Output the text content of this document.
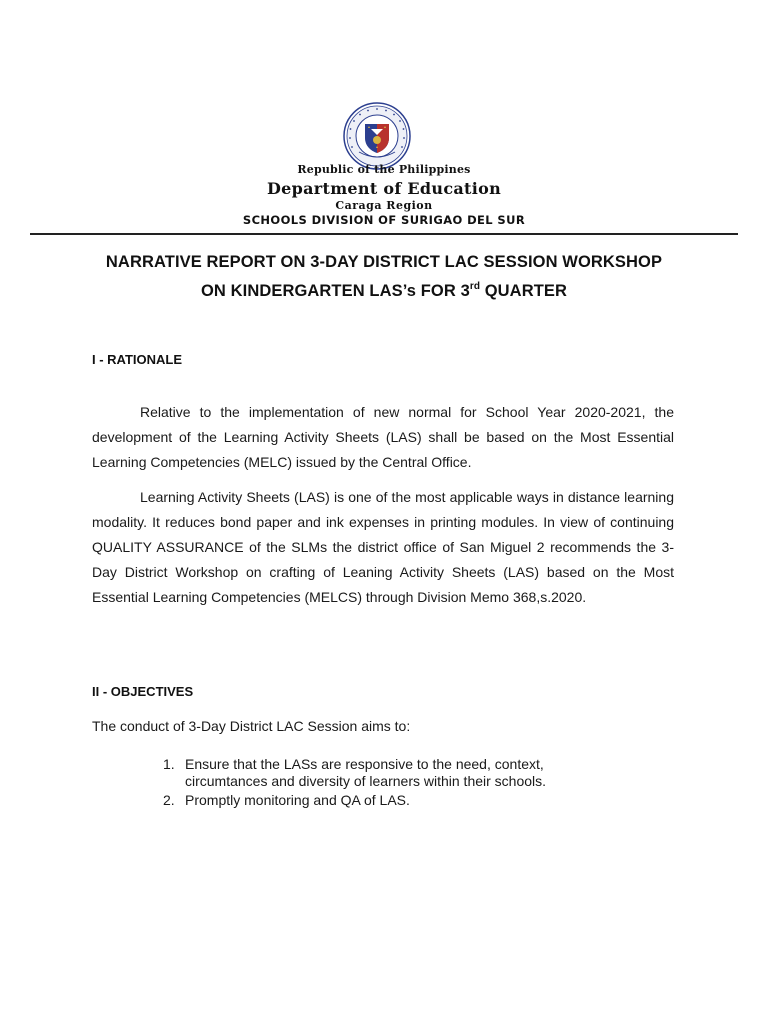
Republic of the Philippines

Department of Education

Caraga Region

SCHOOLS DIVISION OF SURIGAO DEL SUR

NARRATIVE REPORT ON 3-DAY DISTRICT LAC SESSION WORKSHOP
ON KINDERGARTEN LAS’s FOR 3rd QUARTER
I - RATIONALE

Relative to the implementation of new normal for School Year 2020-2021, the development of the Learning Activity Sheets (LAS) shall be based on the Most Essential Learning Competencies (MELC) issued by the Central Office.

Learning Activity Sheets (LAS) is one of the most applicable ways in distance learning modality. It reduces bond paper and ink expenses in printing modules. In view of continuing QUALITY ASSURANCE of the SLMs the district office of San Miguel 2 recommends the 3-Day District Workshop on crafting of Leaning Activity Sheets (LAS) based on the Most Essential Learning Competencies (MELCS) through Division Memo 368,s.2020.

II - OBJECTIVES

The conduct of 3-Day District LAC Session aims to:

1. Ensure that the LASs are responsive to the need, context, circumtances and diversity of learners within their schools.
2. Promptly monitoring and QA of LAS.
